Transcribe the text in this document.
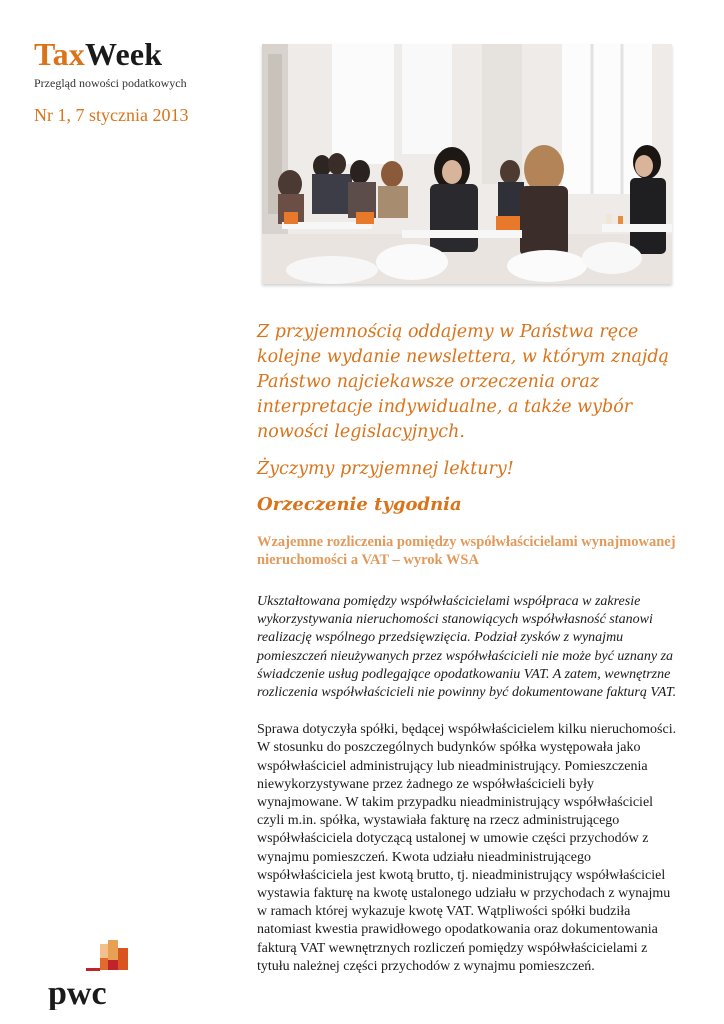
TaxWeek
Przegląd nowości podatkowych
Nr 1, 7 stycznia 2013

Z przyjemnością oddajemy w Państwa ręce kolejne wydanie newslettera, w którym znajdą Państwo najciekawsze orzeczenia oraz interpretacje indywidualne, a także wybór nowości legislacyjnych.

Życzymy przyjemnej lektury!

Orzeczenie tygodnia
Wzajemne rozliczenia pomiędzy współwłaścicielami wynajmowanej nieruchomości a VAT – wyrok WSA

Ukształtowana pomiędzy współwłaścicielami współpraca w zakresie wykorzystywania nieruchomości stanowiących współwłasność stanowi realizację wspólnego przedsięwzięcia. Podział zysków z wynajmu pomieszczeń nieużywanych przez współwłaścicieli nie może być uznany za świadczenie usług podlegające opodatkowaniu VAT. A zatem, wewnętrzne rozliczenia współwłaścicieli nie powinny być dokumentowane fakturą VAT.

Sprawa dotyczyła spółki, będącej współwłaścicielem kilku nieruchomości. W stosunku do poszczególnych budynków spółka występowała jako współwłaściciel administrujący lub nieadministrujący. Pomieszczenia niewykorzystywane przez żadnego ze współwłaścicieli były wynajmowane. W takim przypadku nieadministrujący współwłaściciel czyli m.in. spółka, wystawiała fakturę na rzecz administrującego współwłaściciela dotyczącą ustalonej w umowie części przychodów z wynajmu pomieszczeń. Kwota udziału nieadministrującego współwłaściciela jest kwotą brutto, tj. nieadministrujący współwłaściciel wystawia fakturę na kwotę ustalonego udziału w przychodach z wynajmu w ramach której wykazuje kwotę VAT. Wątpliwości spółki budziła natomiast kwestia prawidłowego opodatkowania oraz dokumentowania fakturą VAT wewnętrznych rozliczeń pomiędzy współwłaścicielami z tytułu należnej części przychodów z wynajmu pomieszczeń.

pwc
